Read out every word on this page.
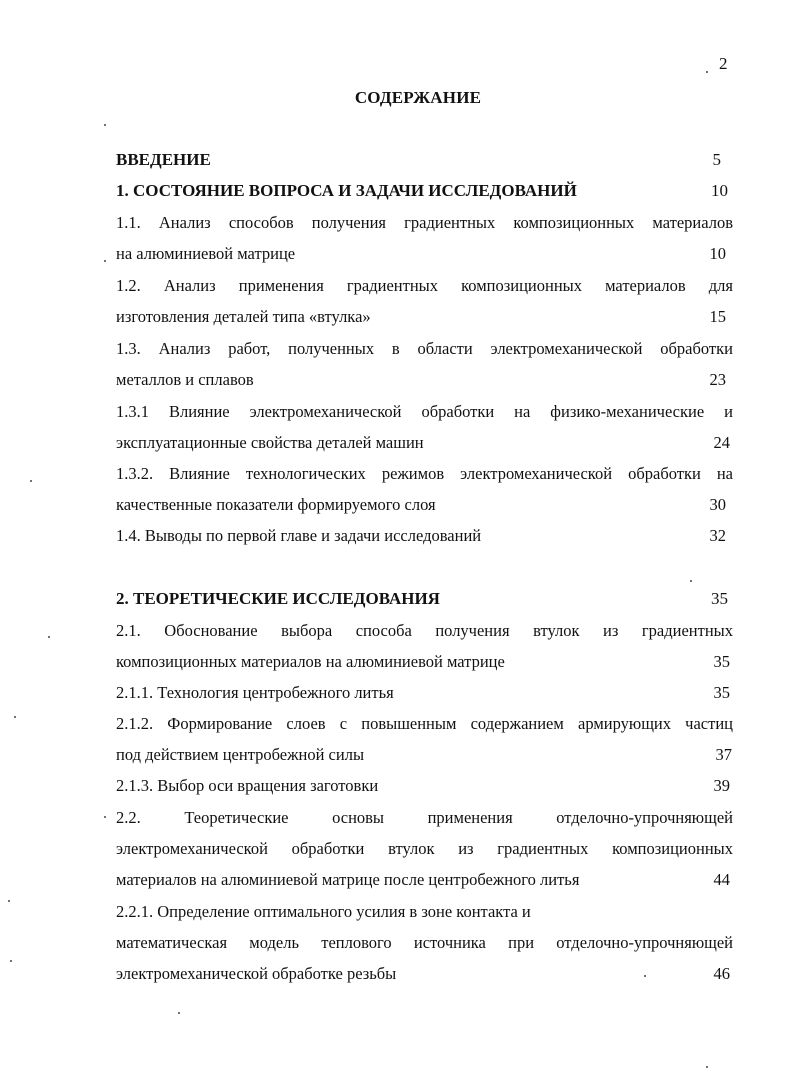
2
СОДЕРЖАНИЕ
ВВЕДЕНИЕ	5
1. СОСТОЯНИЕ ВОПРОСА И ЗАДАЧИ ИССЛЕДОВАНИЙ	10
1.1. Анализ способов получения градиентных композиционных материалов
на алюминиевой матрице	10
1.2. Анализ применения градиентных композиционных материалов для
изготовления деталей типа «втулка»	15
1.3. Анализ работ, полученных в области электромеханической обработки
металлов и сплавов	23
1.3.1 Влияние электромеханической обработки на физико-механические и
эксплуатационные свойства деталей машин	24
1.3.2. Влияние технологических режимов электромеханической обработки на
качественные показатели формируемого слоя	30
1.4. Выводы по первой главе и задачи исследований	32
2. ТЕОРЕТИЧЕСКИЕ ИССЛЕДОВАНИЯ	35
2.1. Обоснование выбора способа получения втулок из градиентных
композиционных материалов на алюминиевой матрице	35
2.1.1. Технология центробежного литья	35
2.1.2. Формирование слоев с повышенным содержанием армирующих частиц
под действием центробежной силы	37
2.1.3. Выбор оси вращения заготовки	39
2.2. Теоретические основы применения отделочно-упрочняющей
электромеханической обработки втулок из градиентных композиционных
материалов на алюминиевой матрице после центробежного литья	44
2.2.1. Определение оптимального усилия в зоне контакта и
математическая модель теплового источника при отделочно-упрочняющей
электромеханической обработке резьбы	46
